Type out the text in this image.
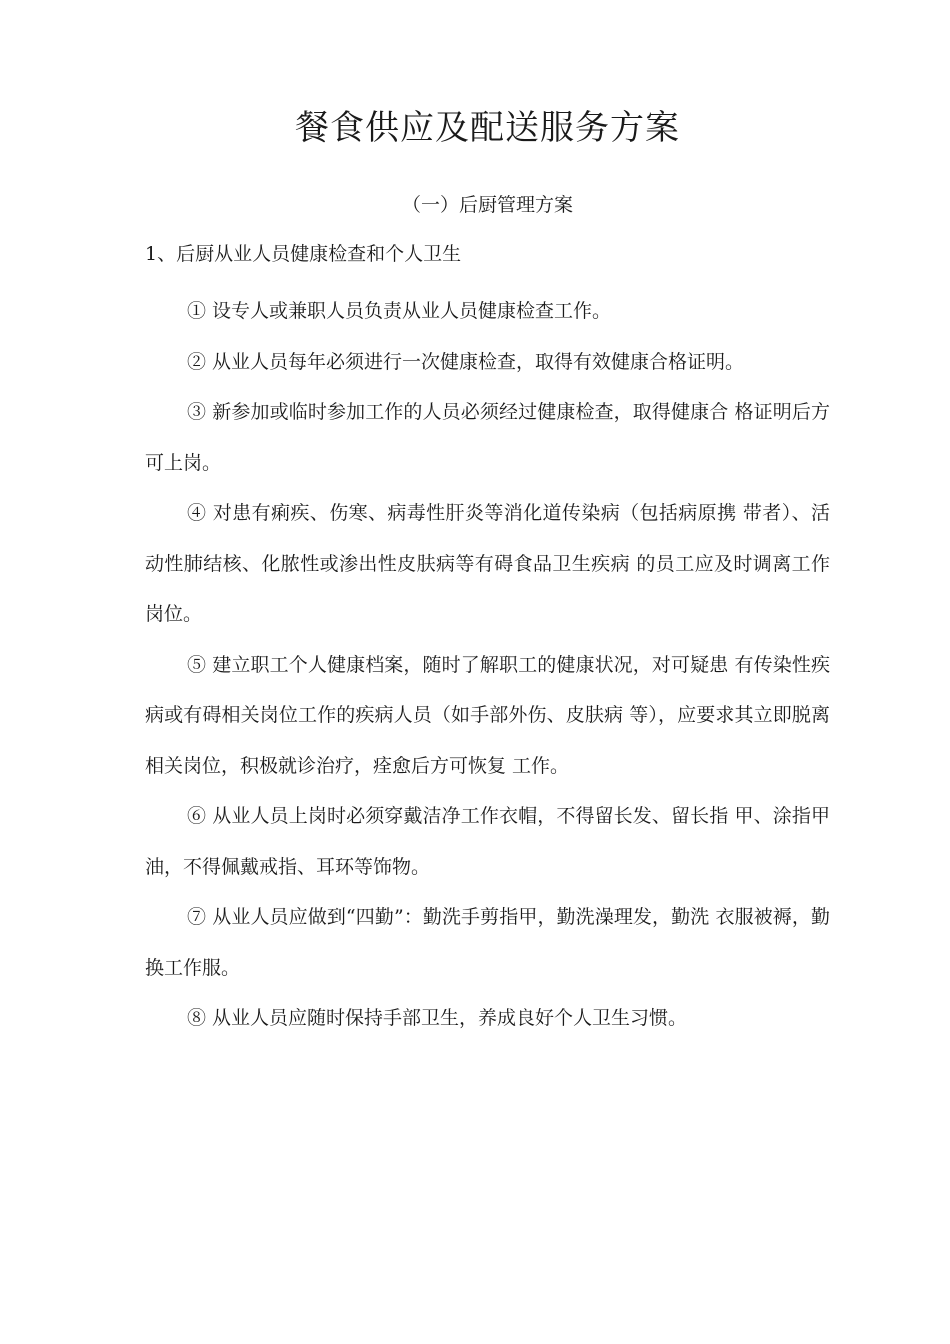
餐食供应及配送服务方案
（一）后厨管理方案
1、后厨从业人员健康检查和个人卫生
① 设专人或兼职人员负责从业人员健康检查工作。
② 从业人员每年必须进行一次健康检查，取得有效健康合格证明。
③ 新参加或临时参加工作的人员必须经过健康检查，取得健康合 格证明后方可上岗。
④ 对患有痢疾、伤寒、病毒性肝炎等消化道传染病（包括病原携 带者）、活动性肺结核、化脓性或渗出性皮肤病等有碍食品卫生疾病 的员工应及时调离工作岗位。
⑤ 建立职工个人健康档案，随时了解职工的健康状况，对可疑患 有传染性疾病或有碍相关岗位工作的疾病人员（如手部外伤、皮肤病 等），应要求其立即脱离相关岗位，积极就诊治疗，痊愈后方可恢复 工作。
⑥ 从业人员上岗时必须穿戴洁净工作衣帽，不得留长发、留长指 甲、涂指甲油，不得佩戴戒指、耳环等饰物。
⑦ 从业人员应做到“四勤”：勤洗手剪指甲，勤洗澡理发，勤洗 衣服被褥，勤换工作服。
⑧ 从业人员应随时保持手部卫生，养成良好个人卫生习惯。
